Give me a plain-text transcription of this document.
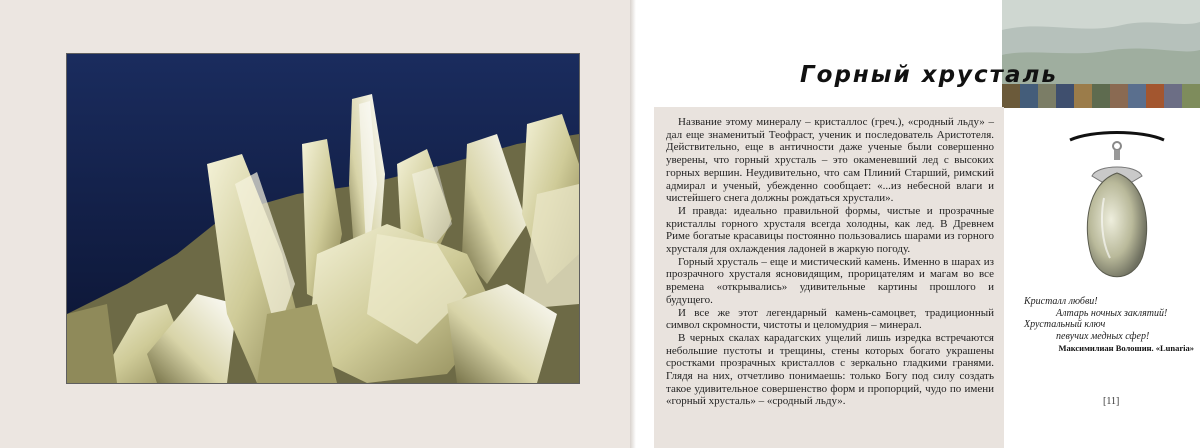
Горный хрусталь

Название этому минералу – кристаллос (греч.), «сродный льду» – дал еще знаменитый Теофраст, ученик и последователь Аристотеля. Действительно, еще в античности даже ученые были совершенно уверены, что горный хрусталь – это окаменевший лед с высоких горных вершин. Неудивительно, что сам Плиний Старший, римский адмирал и ученый, убежденно сообщает: «...из небесной влаги и чистейшего снега должны рождаться хрустали».

И правда: идеально правильной формы, чистые и прозрачные кристаллы горного хрусталя всегда холодны, как лед. В Древнем Риме богатые красавицы постоянно пользовались шарами из горного хрусталя для охлаждения ладоней в жаркую погоду.

Горный хрусталь – еще и мистический камень. Именно в шарах из прозрачного хрусталя ясновидящим, прорицателям и магам во все времена «открывались» удивительные картины прошлого и будущего.

И все же этот легендарный камень-самоцвет, традиционный символ скромности, чистоты и целомудрия – минерал.

В черных скалах карадагских ущелий лишь изредка встречаются небольшие пустоты и трещины, стены которых богато украшены сростками прозрачных кристаллов с зеркально гладкими гранями. Глядя на них, отчетливо понимаешь: только Богу под силу создать такое удивительное совершенство форм и пропорций, чудо по имени «горный хрусталь» – «сродный льду».

Кристалл любви!
Алтарь ночных заклятий!
Хрустальный ключ
певучих медных сфер!
Максимилиан Волошин. «Lunaria»
[11]
